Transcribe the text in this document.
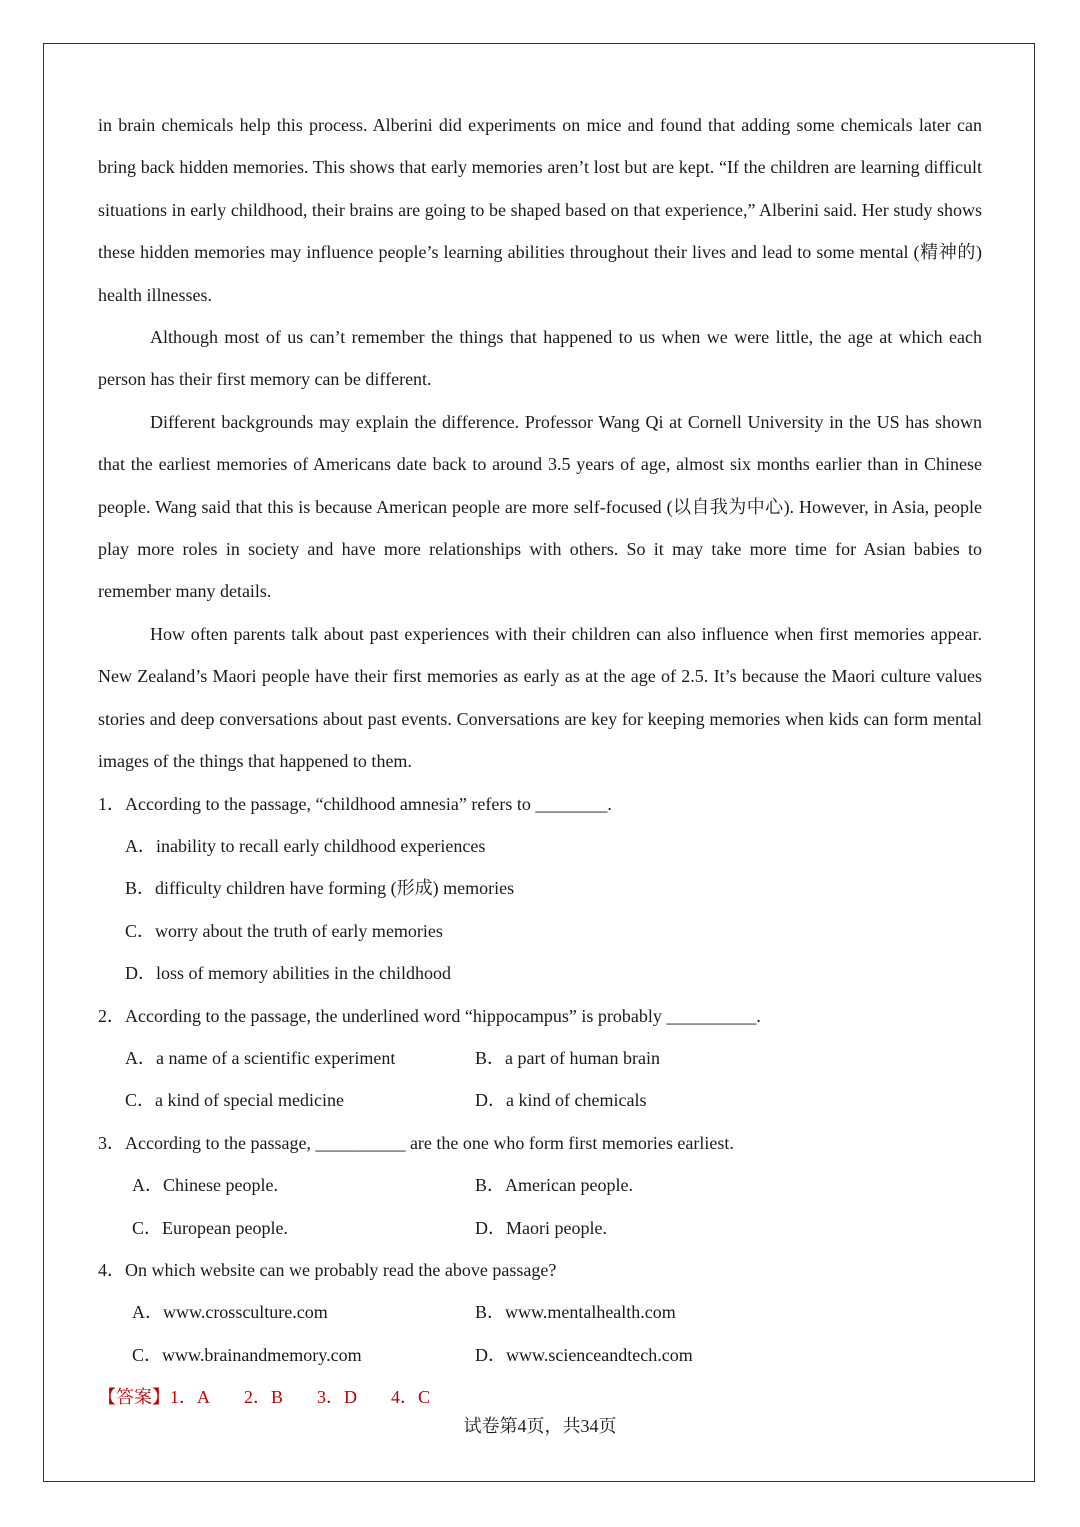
in brain chemicals help this process. Alberini did experiments on mice and found that adding some chemicals later can bring back hidden memories. This shows that early memories aren’t lost but are kept. “If the children are learning difficult situations in early childhood, their brains are going to be shaped based on that experience,” Alberini said. Her study shows these hidden memories may influence people’s learning abilities throughout their lives and lead to some mental (精神的) health illnesses.

Although most of us can’t remember the things that happened to us when we were little, the age at which each person has their first memory can be different.

Different backgrounds may explain the difference. Professor Wang Qi at Cornell University in the US has shown that the earliest memories of Americans date back to around 3.5 years of age, almost six months earlier than in Chinese people. Wang said that this is because American people are more self-focused (以自我为中心). However, in Asia, people play more roles in society and have more relationships with others. So it may take more time for Asian babies to remember many details.

How often parents talk about past experiences with their children can also influence when first memories appear. New Zealand’s Maori people have their first memories as early as at the age of 2.5. It’s because the Maori culture values stories and deep conversations about past events. Conversations are key for keeping memories when kids can form mental images of the things that happened to them.

1．According to the passage, “childhood amnesia” refers to ________.

A．inability to recall early childhood experiences
B．difficulty children have forming (形成) memories
C．worry about the truth of early memories
D．loss of memory abilities in the childhood

2．According to the passage, the underlined word “hippocampus” is probably __________.

A．a name of a scientific experiment	B．a part of human brain
C．a kind of special medicine	D．a kind of chemicals

3．According to the passage, __________ are the one who form first memories earliest.

A．Chinese people.	B．American people.
C．European people.	D．Maori people.

4．On which website can we probably read the above passage?

A．www.crossculture.com	B．www.mentalhealth.com
C．www.brainandmemory.com	D．www.scienceandtech.com

【答案】1．A 2．B 3．D 4．C

试卷第4页，共34页
